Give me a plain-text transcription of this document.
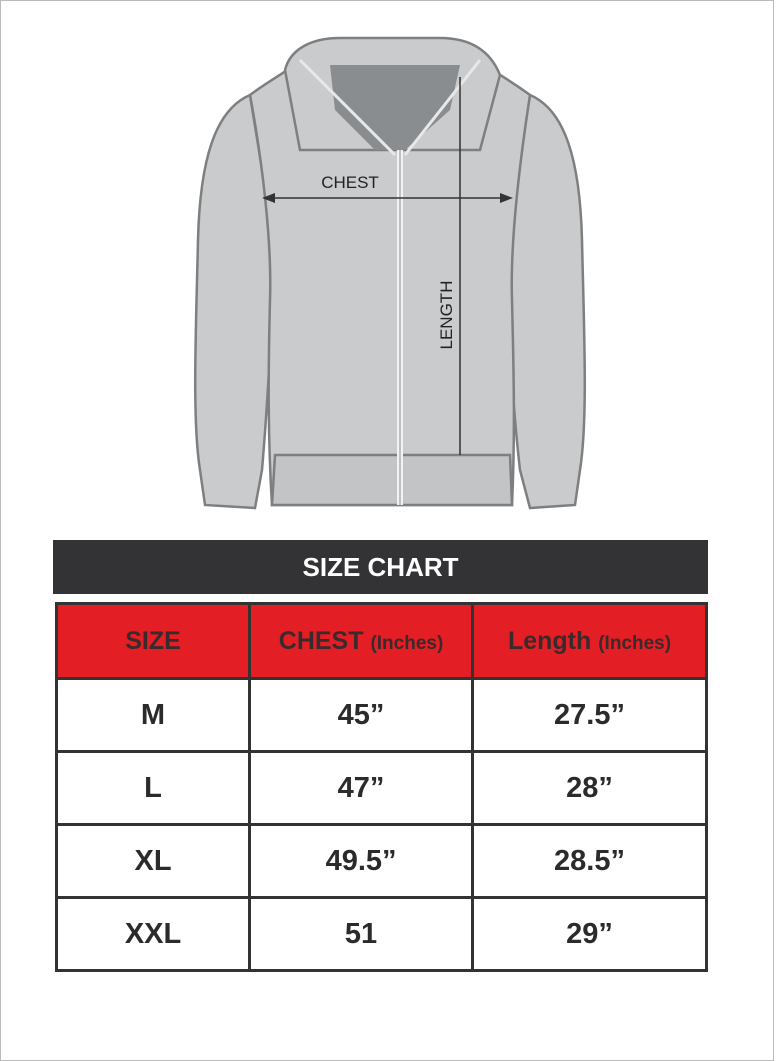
CHEST
LENGTH
SIZE CHART
SIZE	CHEST (Inches)	Length (Inches)
M	45”	27.5”
L	47”	28”
XL	49.5”	28.5”
XXL	51	29”
